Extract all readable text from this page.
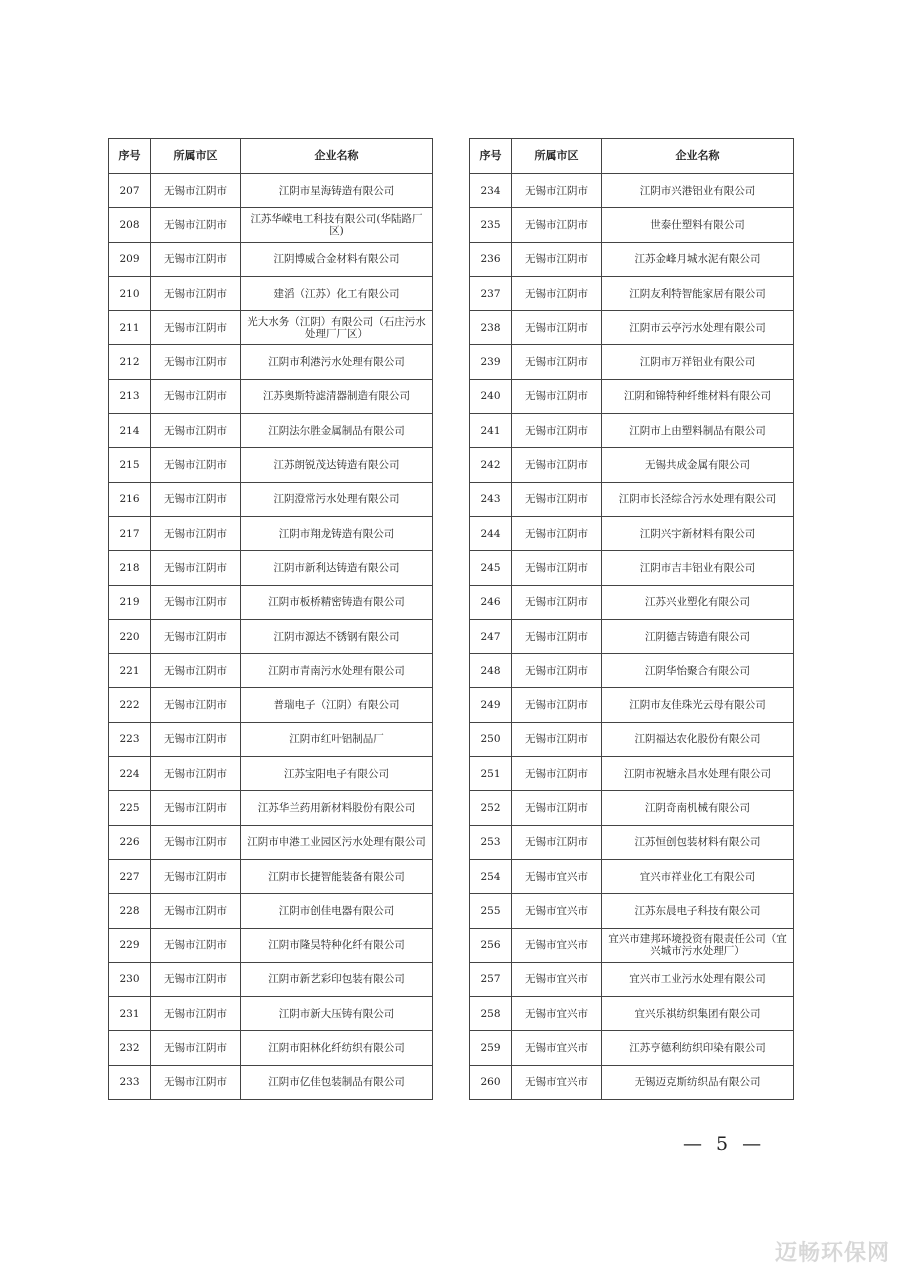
序号	所属市区	企业名称
207	无锡市江阴市	江阴市星海铸造有限公司
208	无锡市江阴市	江苏华嵘电工科技有限公司(华陆路厂区)
209	无锡市江阴市	江阴博威合金材料有限公司
210	无锡市江阴市	建滔（江苏）化工有限公司
211	无锡市江阴市	光大水务（江阴）有限公司（石庄污水处理厂厂区）
212	无锡市江阴市	江阴市利港污水处理有限公司
213	无锡市江阴市	江苏奥斯特滤清器制造有限公司
214	无锡市江阴市	江阴法尔胜金属制品有限公司
215	无锡市江阴市	江苏朗锐茂达铸造有限公司
216	无锡市江阴市	江阴澄常污水处理有限公司
217	无锡市江阴市	江阴市翔龙铸造有限公司
218	无锡市江阴市	江阴市新利达铸造有限公司
219	无锡市江阴市	江阴市板桥精密铸造有限公司
220	无锡市江阴市	江阴市源达不锈钢有限公司
221	无锡市江阴市	江阴市青南污水处理有限公司
222	无锡市江阴市	普瑞电子（江阴）有限公司
223	无锡市江阴市	江阴市红叶铝制品厂
224	无锡市江阴市	江苏宝阳电子有限公司
225	无锡市江阴市	江苏华兰药用新材料股份有限公司
226	无锡市江阴市	江阴市申港工业园区污水处理有限公司
227	无锡市江阴市	江阴市长捷智能装备有限公司
228	无锡市江阴市	江阴市创佳电器有限公司
229	无锡市江阴市	江阴市隆昊特种化纤有限公司
230	无锡市江阴市	江阴市新艺彩印包装有限公司
231	无锡市江阴市	江阴市新大压铸有限公司
232	无锡市江阴市	江阴市阳林化纤纺织有限公司
233	无锡市江阴市	江阴市亿佳包装制品有限公司
序号	所属市区	企业名称
234	无锡市江阴市	江阴市兴港铝业有限公司
235	无锡市江阴市	世泰仕塑料有限公司
236	无锡市江阴市	江苏金峰月城水泥有限公司
237	无锡市江阴市	江阴友利特智能家居有限公司
238	无锡市江阴市	江阴市云亭污水处理有限公司
239	无锡市江阴市	江阴市万祥铝业有限公司
240	无锡市江阴市	江阴和锦特种纤维材料有限公司
241	无锡市江阴市	江阴市上由塑料制品有限公司
242	无锡市江阴市	无锡共成金属有限公司
243	无锡市江阴市	江阴市长泾综合污水处理有限公司
244	无锡市江阴市	江阴兴宇新材料有限公司
245	无锡市江阴市	江阴市吉丰铝业有限公司
246	无锡市江阴市	江苏兴业塑化有限公司
247	无锡市江阴市	江阴德吉铸造有限公司
248	无锡市江阴市	江阴华怡聚合有限公司
249	无锡市江阴市	江阴市友佳珠光云母有限公司
250	无锡市江阴市	江阴福达农化股份有限公司
251	无锡市江阴市	江阴市祝塘永昌水处理有限公司
252	无锡市江阴市	江阴奇南机械有限公司
253	无锡市江阴市	江苏恒创包装材料有限公司
254	无锡市宜兴市	宜兴市祥业化工有限公司
255	无锡市宜兴市	江苏东晨电子科技有限公司
256	无锡市宜兴市	宜兴市建邦环境投资有限责任公司（宜兴城市污水处理厂）
257	无锡市宜兴市	宜兴市工业污水处理有限公司
258	无锡市宜兴市	宜兴乐祺纺织集团有限公司
259	无锡市宜兴市	江苏亨德利纺织印染有限公司
260	无锡市宜兴市	无锡迈克斯纺织品有限公司
— 5 —
迈畅环保网
